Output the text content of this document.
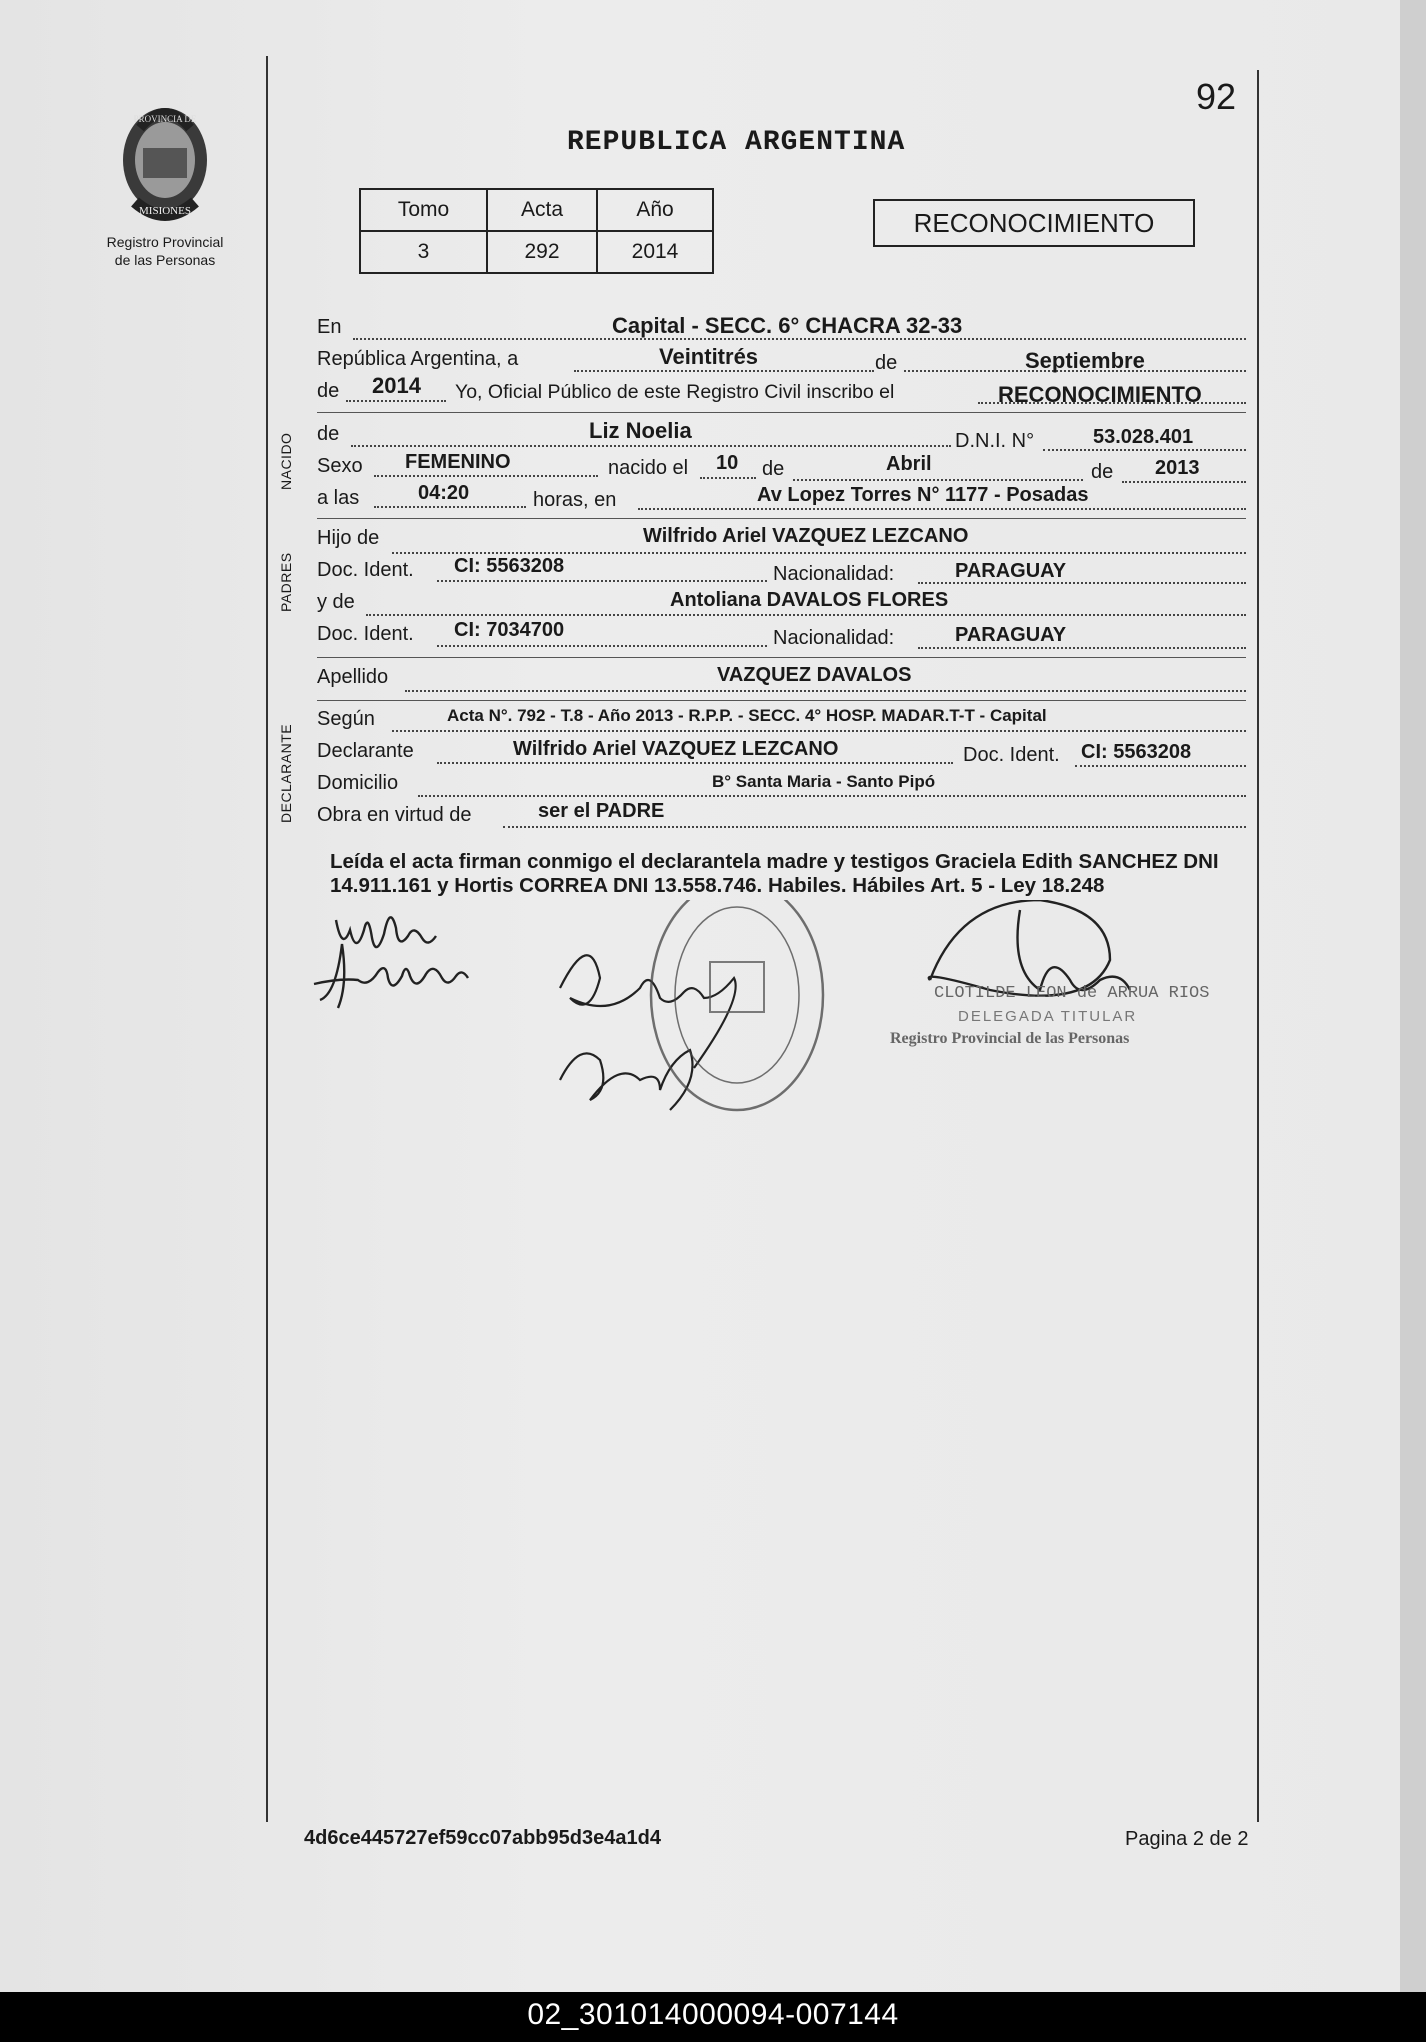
PROVINCIA DE
MISIONES
Registro Provincial
de las Personas
92
REPUBLICA ARGENTINA
Tomo	Acta	Año
3	292	2014
RECONOCIMIENTO
En	Capital - SECC. 6° CHACRA 32-33
República Argentina, a	Veintitrés	de	Septiembre
de 2014 Yo, Oficial Público de este Registro Civil inscribo el	RECONOCIMIENTO
NACIDO de	Liz Noelia	D.N.I. N°	53.028.401
Sexo FEMENINO	nacido el 10 de	Abril	de 2013
a las	04:20	horas, en	Av Lopez Torres N° 1177 - Posadas
PADRES
Hijo de	Wilfrido Ariel VAZQUEZ LEZCANO
Doc. Ident. CI: 5563208	Nacionalidad:	PARAGUAY
y de	Antoliana DAVALOS FLORES
Doc. Ident. CI: 7034700	Nacionalidad:	PARAGUAY
Apellido	VAZQUEZ DAVALOS
DECLARANTE
Según	Acta N°. 792 - T.8 - Año 2013 - R.P.P. - SECC. 4° HOSP. MADAR.T-T - Capital
Declarante	Wilfrido Ariel VAZQUEZ LEZCANO	Doc. Ident. CI: 5563208
Domicilio	B° Santa Maria - Santo Pipó
Obra en virtud de	ser el PADRE
Leída el acta firman conmigo el declarantela madre y testigos Graciela Edith SANCHEZ DNI 14.911.161 y Hortis CORREA DNI 13.558.746. Habiles. Hábiles Art. 5 - Ley 18.248
CLOTILDE LEON de ARRUA RIOS
DELEGADA TITULAR
Registro Provincial de las Personas
4d6ce445727ef59cc07abb95d3e4a1d4	Pagina 2 de 2
02_301014000094-007144
